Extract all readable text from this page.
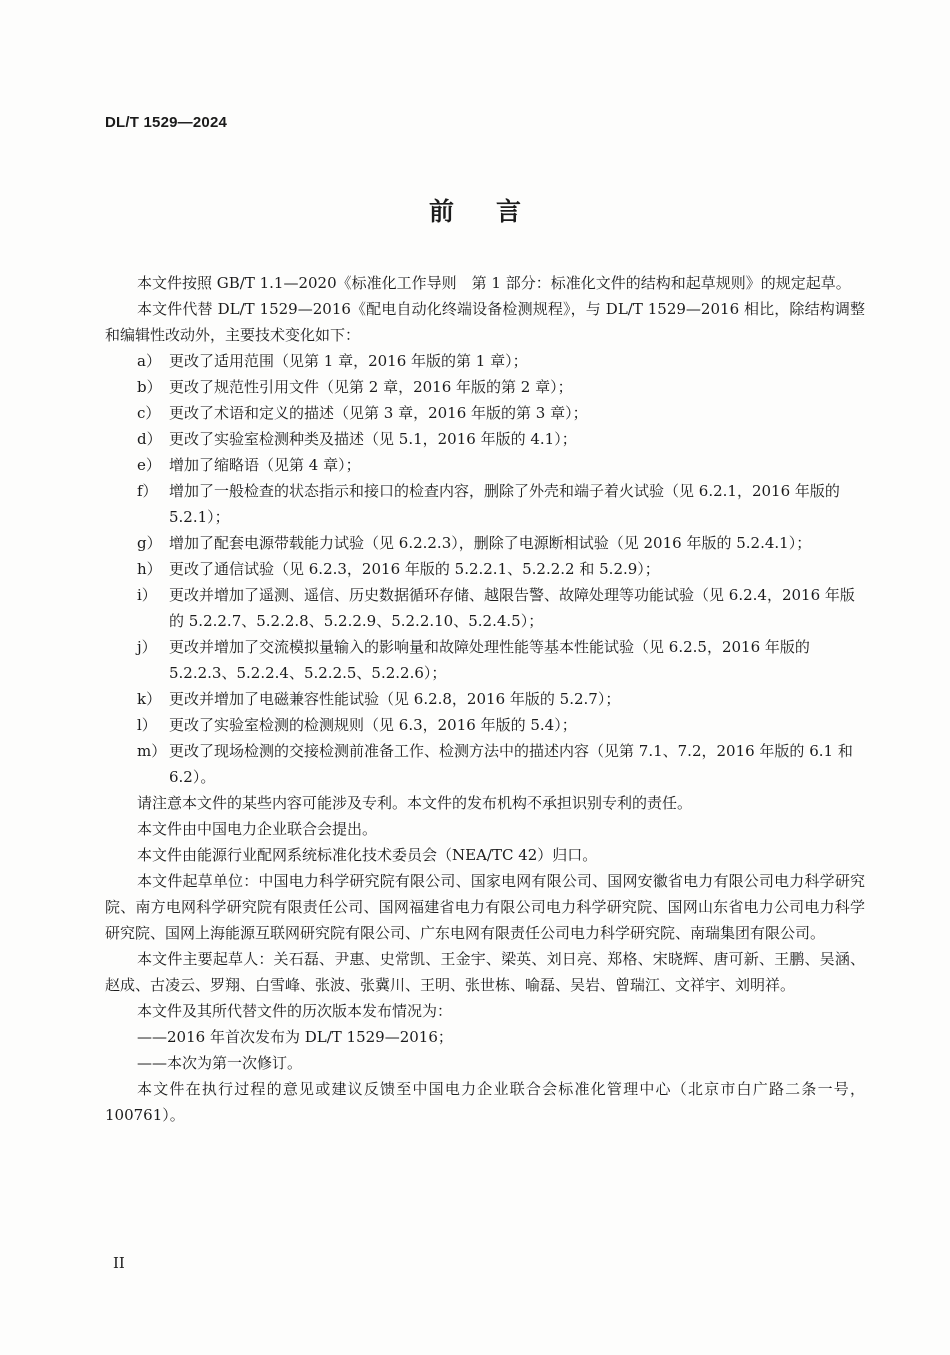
DL/T 1529—2024
前言

本文件按照 GB/T 1.1—2020《标准化工作导则　第 1 部分：标准化文件的结构和起草规则》的规定起草。

本文件代替 DL/T 1529—2016《配电自动化终端设备检测规程》，与 DL/T 1529—2016 相比，除结构调整和编辑性改动外，主要技术变化如下：

a） 更改了适用范围（见第 1 章，2016 年版的第 1 章）；
b） 更改了规范性引用文件（见第 2 章，2016 年版的第 2 章）；
c） 更改了术语和定义的描述（见第 3 章，2016 年版的第 3 章）；
d） 更改了实验室检测种类及描述（见 5.1，2016 年版的 4.1）；
e） 增加了缩略语（见第 4 章）；
f） 增加了一般检查的状态指示和接口的检查内容，删除了外壳和端子着火试验（见 6.2.1，2016 年版的 5.2.1）；
g） 增加了配套电源带载能力试验（见 6.2.2.3），删除了电源断相试验（见 2016 年版的 5.2.4.1）；
h） 更改了通信试验（见 6.2.3，2016 年版的 5.2.2.1、5.2.2.2 和 5.2.9）；
i） 更改并增加了遥测、遥信、历史数据循环存储、越限告警、故障处理等功能试验（见 6.2.4，2016 年版的 5.2.2.7、5.2.2.8、5.2.2.9、5.2.2.10、5.2.4.5）；
j） 更改并增加了交流模拟量输入的影响量和故障处理性能等基本性能试验（见 6.2.5，2016 年版的 5.2.2.3、5.2.2.4、5.2.2.5、5.2.2.6）；
k） 更改并增加了电磁兼容性能试验（见 6.2.8，2016 年版的 5.2.7）；
l） 更改了实验室检测的检测规则（见 6.3，2016 年版的 5.4）；
m） 更改了现场检测的交接检测前准备工作、检测方法中的描述内容（见第 7.1、7.2，2016 年版的 6.1 和 6.2）。

请注意本文件的某些内容可能涉及专利。本文件的发布机构不承担识别专利的责任。

本文件由中国电力企业联合会提出。

本文件由能源行业配网系统标准化技术委员会（NEA/TC 42）归口。

本文件起草单位：中国电力科学研究院有限公司、国家电网有限公司、国网安徽省电力有限公司电力科学研究院、南方电网科学研究院有限责任公司、国网福建省电力有限公司电力科学研究院、国网山东省电力公司电力科学研究院、国网上海能源互联网研究院有限公司、广东电网有限责任公司电力科学研究院、南瑞集团有限公司。

本文件主要起草人：关石磊、尹惠、史常凯、王金宇、梁英、刘日亮、郑格、宋晓辉、唐可新、王鹏、吴涵、赵成、古凌云、罗翔、白雪峰、张波、张冀川、王明、张世栋、喻磊、吴岩、曾瑞江、文祥宇、刘明祥。

本文件及其所代替文件的历次版本发布情况为：

——2016 年首次发布为 DL/T 1529—2016；

——本次为第一次修订。

本文件在执行过程的意见或建议反馈至中国电力企业联合会标准化管理中心（北京市白广路二条一号，100761）。

II
